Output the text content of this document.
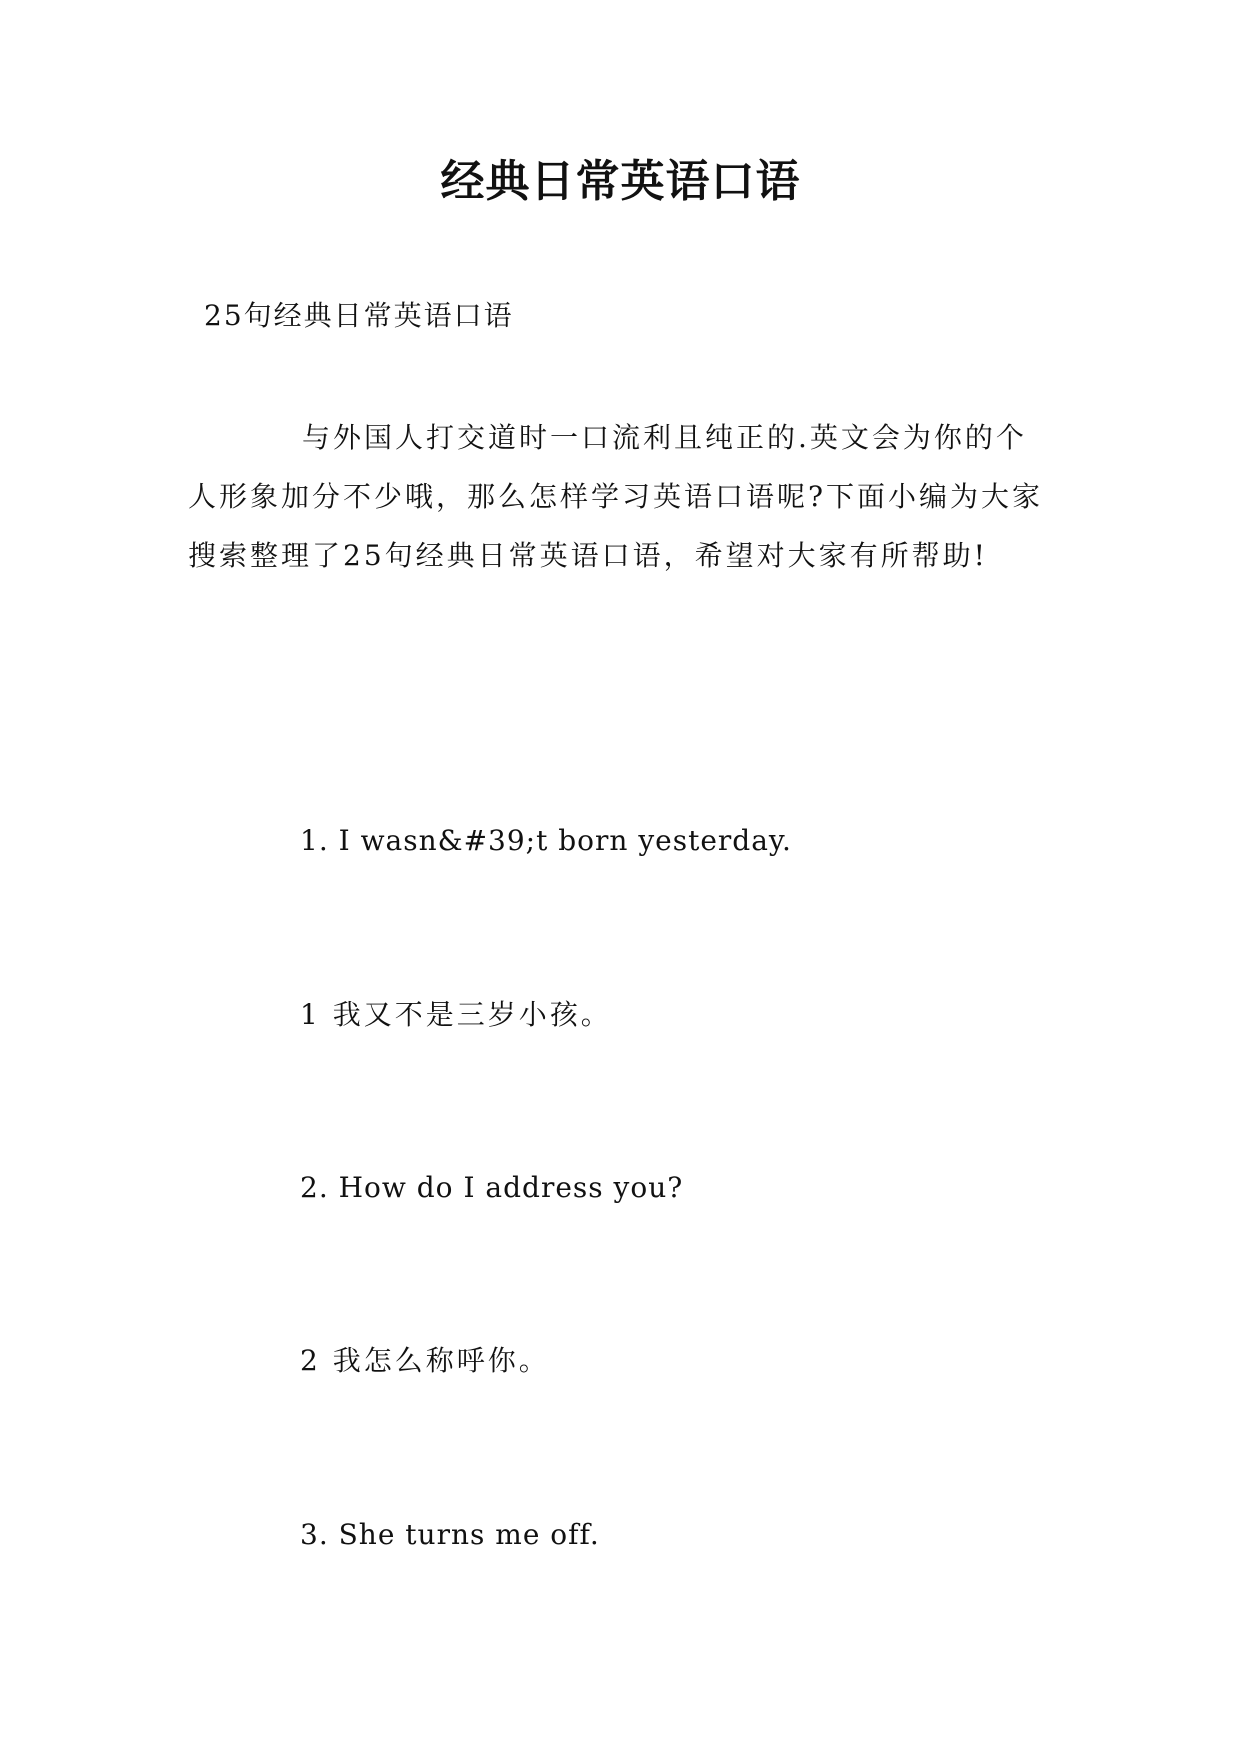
经典日常英语口语

25句经典日常英语口语

与外国人打交道时一口流利且纯正的.英文会为你的个人形象加分不少哦，那么怎样学习英语口语呢?下面小编为大家搜索整理了25句经典日常英语口语，希望对大家有所帮助!

1. I wasn&#39;t born yesterday.

1 我又不是三岁小孩。

2. How do I address you?

2 我怎么称呼你。

3. She turns me off.
